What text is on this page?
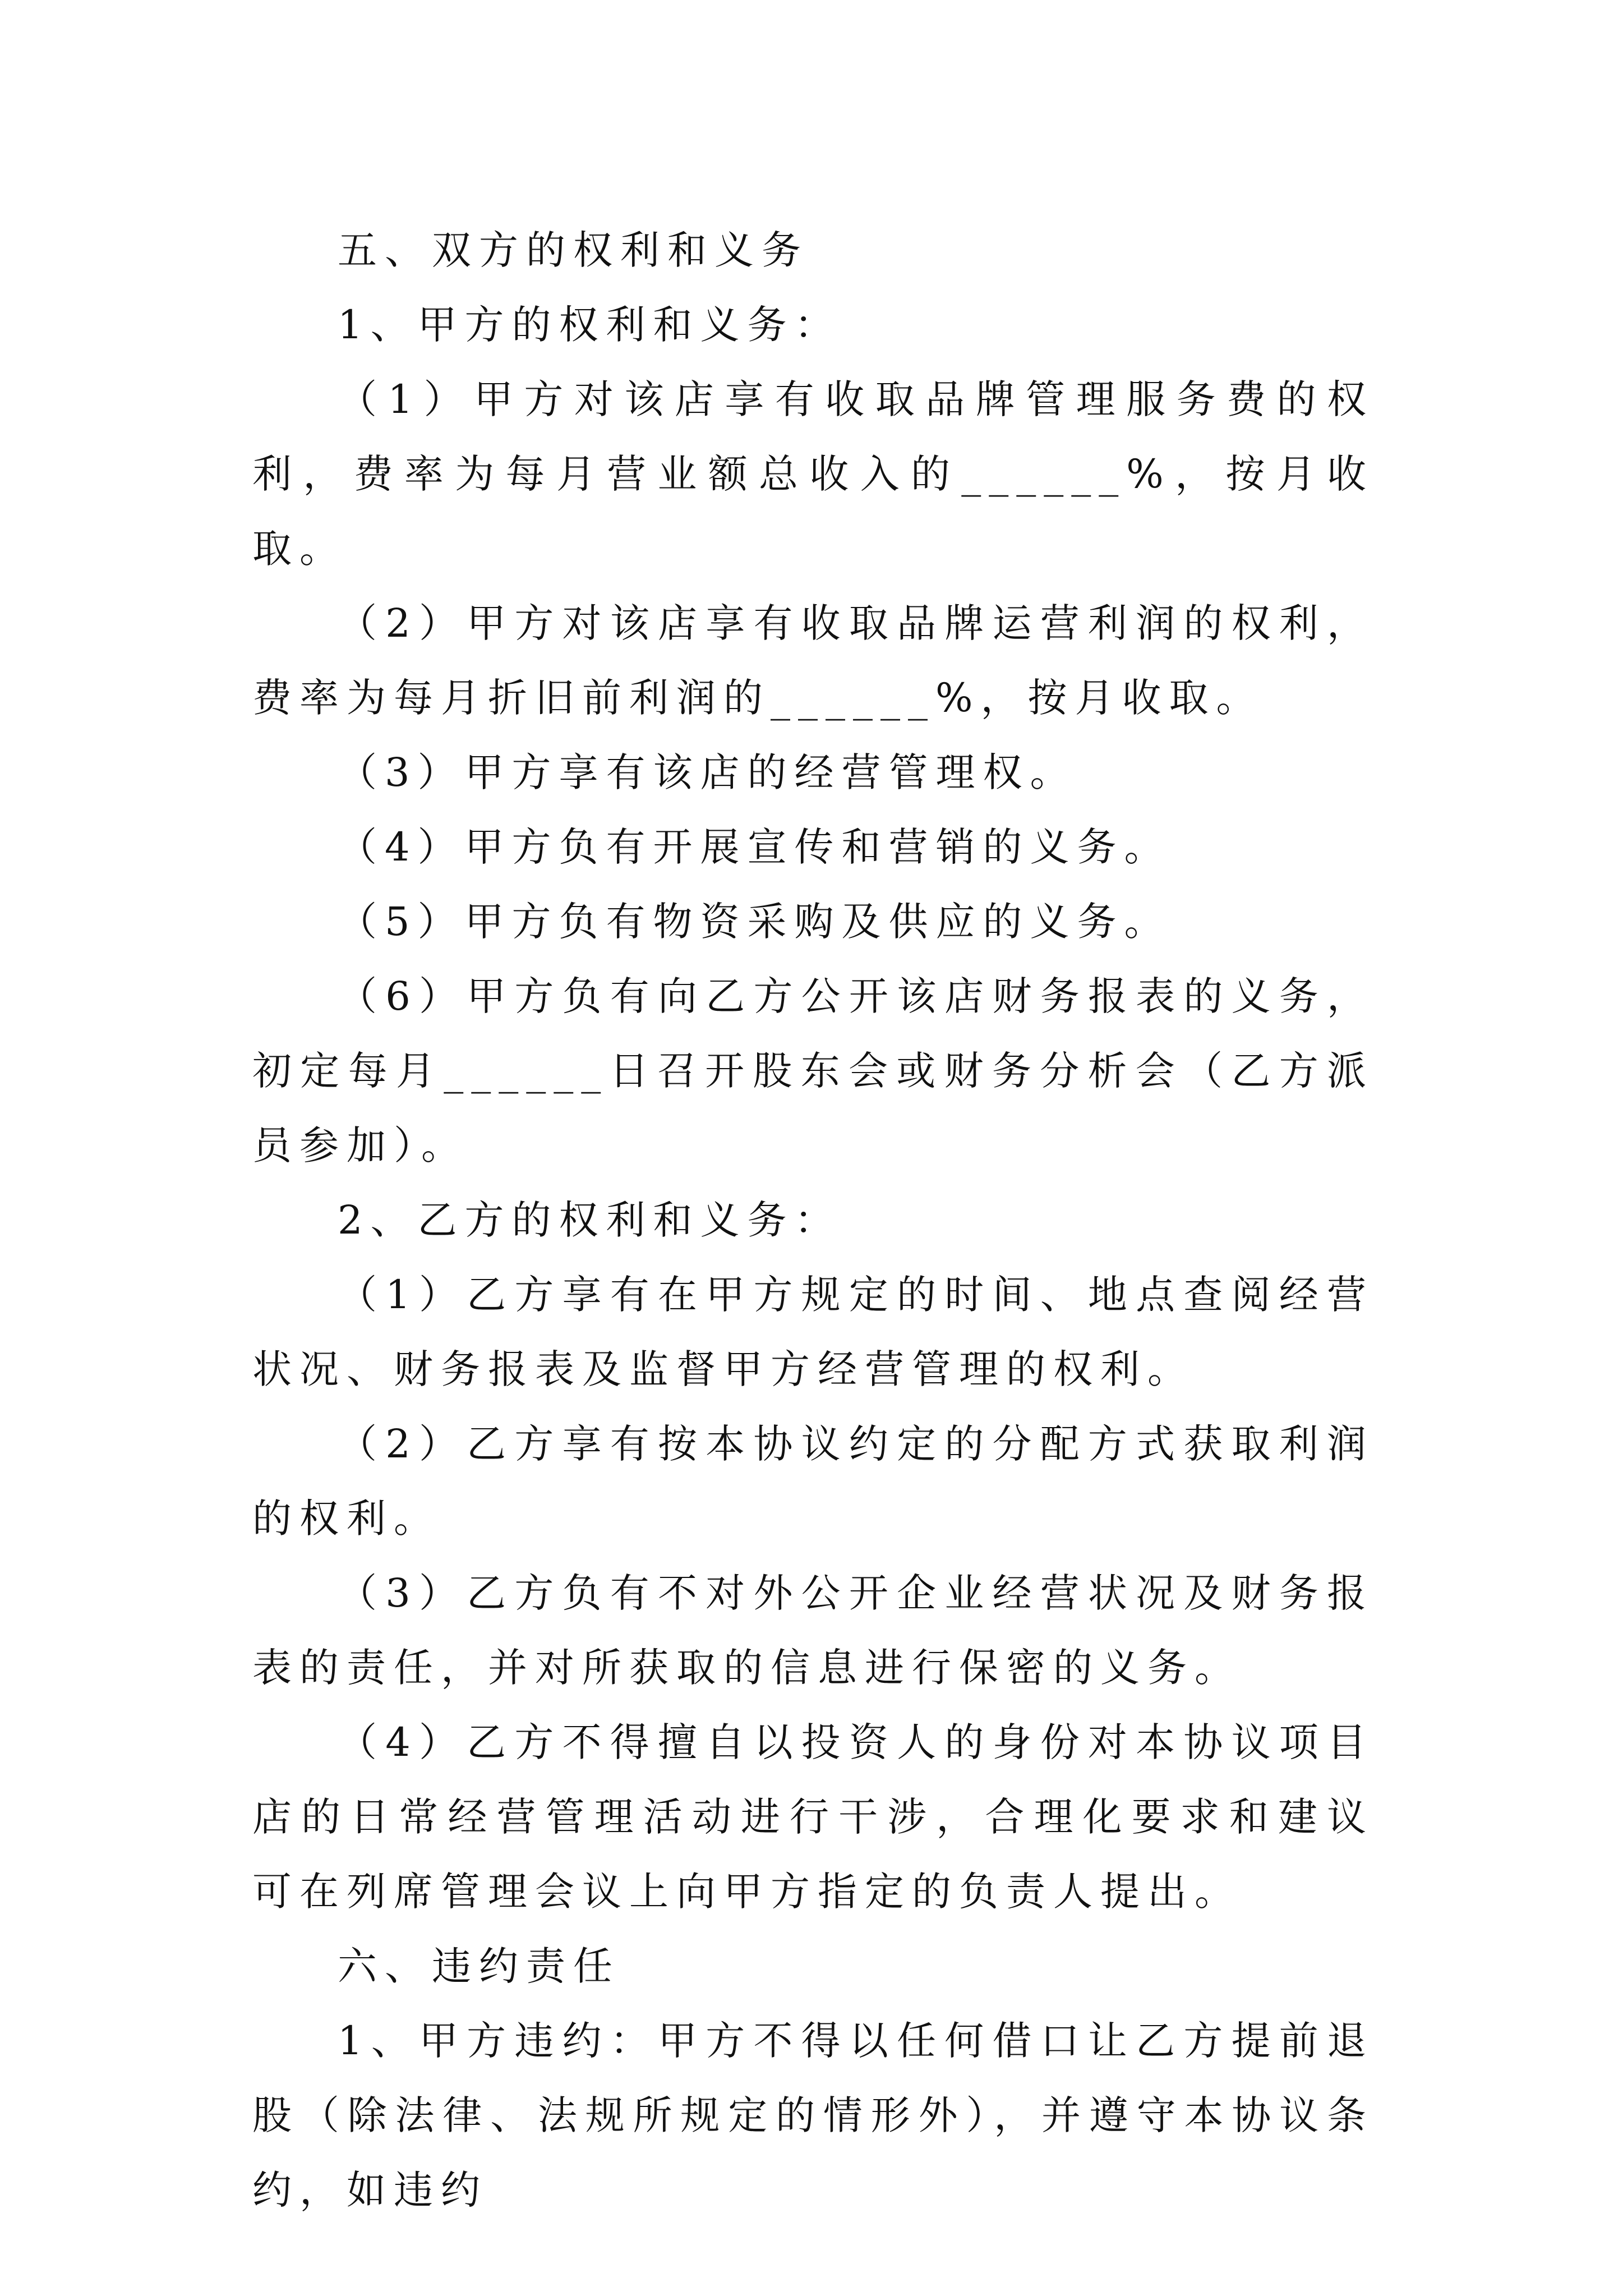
五、双方的权利和义务

1、甲方的权利和义务：

（1）甲方对该店享有收取品牌管理服务费的权利，费率为每月营业额总收入的______%，按月收取。

（2）甲方对该店享有收取品牌运营利润的权利，费率为每月折旧前利润的______%，按月收取。

（3）甲方享有该店的经营管理权。

（4）甲方负有开展宣传和营销的义务。

（5）甲方负有物资采购及供应的义务。

（6）甲方负有向乙方公开该店财务报表的义务，初定每月______日召开股东会或财务分析会（乙方派员参加）。

2、乙方的权利和义务：

（1）乙方享有在甲方规定的时间、地点查阅经营状况、财务报表及监督甲方经营管理的权利。

（2）乙方享有按本协议约定的分配方式获取利润的权利。

（3）乙方负有不对外公开企业经营状况及财务报表的责任，并对所获取的信息进行保密的义务。

（4）乙方不得擅自以投资人的身份对本协议项目店的日常经营管理活动进行干涉，合理化要求和建议可在列席管理会议上向甲方指定的负责人提出。

六、违约责任

1、甲方违约：甲方不得以任何借口让乙方提前退股（除法律、法规所规定的情形外），并遵守本协议条约，如违约
